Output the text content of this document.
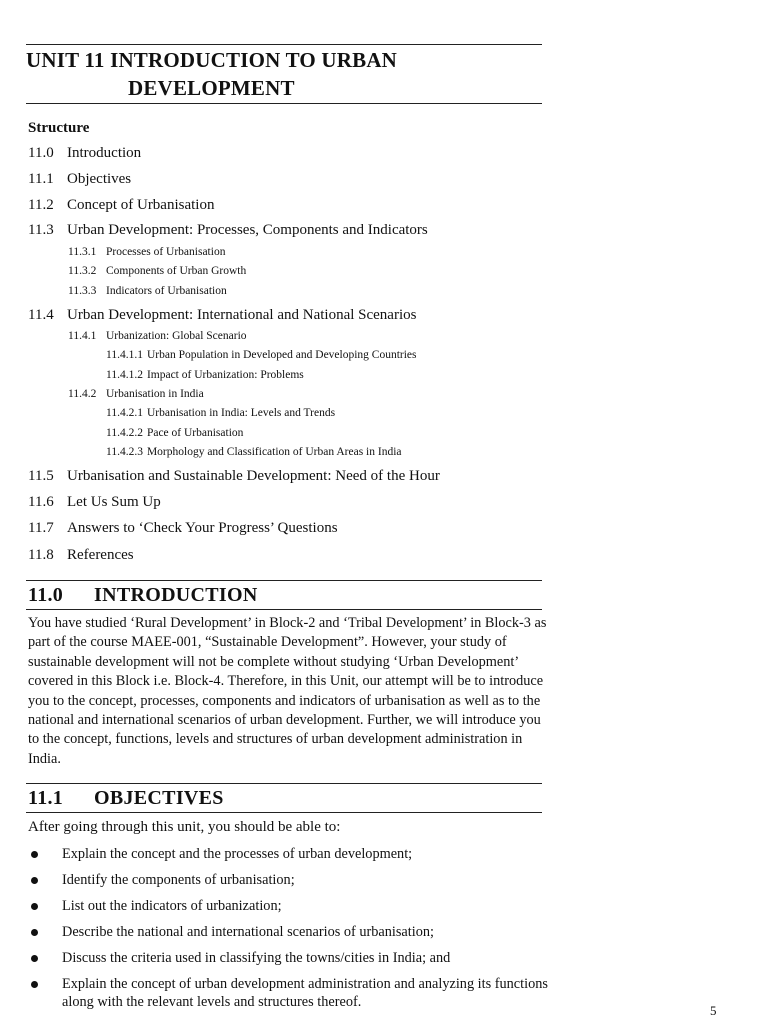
UNIT 11 INTRODUCTION TO URBAN
DEVELOPMENT
Structure
11.0 Introduction
11.1 Objectives
11.2 Concept of Urbanisation
11.3 Urban Development: Processes, Components and Indicators
11.3.1 Processes of Urbanisation
11.3.2 Components of Urban Growth
11.3.3 Indicators of Urbanisation
11.4 Urban Development: International and National Scenarios
11.4.1 Urbanization: Global Scenario
11.4.1.1 Urban Population in Developed and Developing Countries
11.4.1.2 Impact of Urbanization: Problems
11.4.2 Urbanisation in India
11.4.2.1 Urbanisation in India: Levels and Trends
11.4.2.2 Pace of Urbanisation
11.4.2.3 Morphology and Classification of Urban Areas in India
11.5 Urbanisation and Sustainable Development: Need of the Hour
11.6 Let Us Sum Up
11.7 Answers to ‘Check Your Progress’ Questions
11.8 References
11.0 INTRODUCTION

You have studied ‘Rural Development’ in Block-2 and ‘Tribal Development’ in Block-3 as part of the course MAEE-001, “Sustainable Development”. However, your study of sustainable development will not be complete without studying ‘Urban Development’ covered in this Block i.e. Block-4. Therefore, in this Unit, our attempt will be to introduce you to the concept, processes, components and indicators of urbanisation as well as to the national and international scenarios of urban development. Further, we will introduce you to the concept, functions, levels and structures of urban development administration in India.

11.1 OBJECTIVES
After going through this unit, you should be able to:
Explain the concept and the processes of urban development;
Identify the components of urbanisation;
List out the indicators of urbanization;
Describe the national and international scenarios of urbanisation;
Discuss the criteria used in classifying the towns/cities in India; and
Explain the concept of urban development administration and analyzing its functions along with the relevant levels and structures thereof.
5
